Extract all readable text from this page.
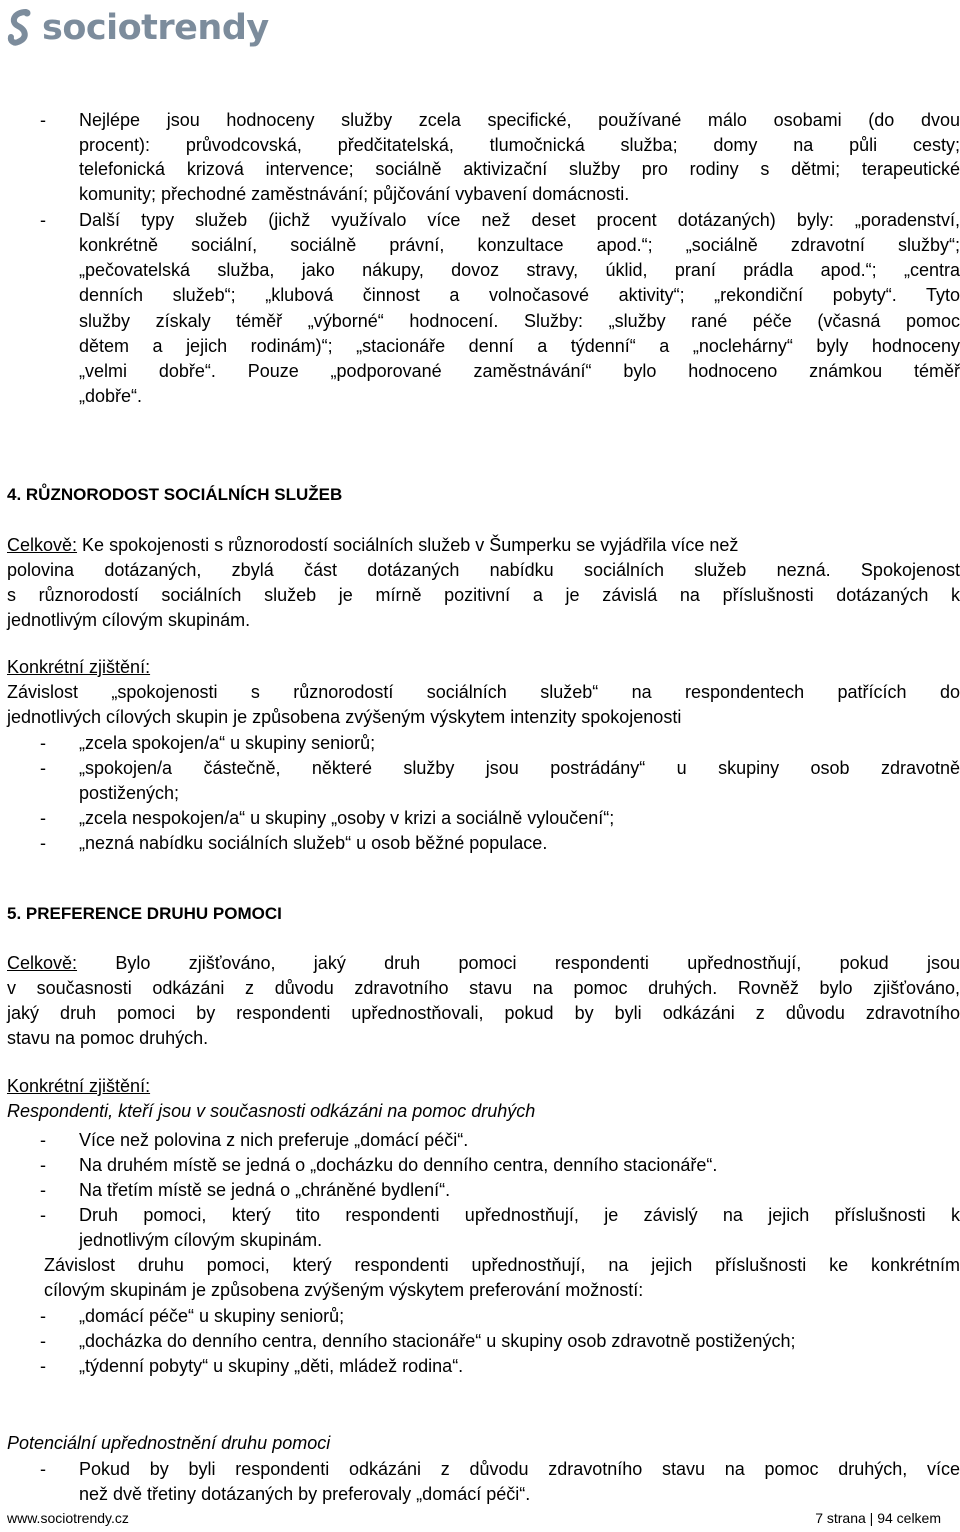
sociotrendy
-	Nejlépe jsou hodnoceny služby zcela specifické, používané málo osobami (do dvou
procent): průvodcovská, předčitatelská, tlumočnická služba; domy na půli cesty;
telefonická krizová intervence; sociálně aktivizační služby pro rodiny s dětmi; terapeutické
komunity; přechodné zaměstnávání; půjčování vybavení domácnosti.
-	Další typy služeb (jichž využívalo více než deset procent dotázaných) byly: „poradenství,
konkrétně sociální, sociálně právní, konzultace apod.“; „sociálně zdravotní služby“;
„pečovatelská služba, jako nákupy, dovoz stravy, úklid, praní prádla apod.“; „centra
denních služeb“; „klubová činnost a volnočasové aktivity“; „rekondiční pobyty“. Tyto
služby získaly téměř „výborné“ hodnocení. Služby: „služby rané péče (včasná pomoc
dětem a jejich rodinám)“; „stacionáře denní a týdenní“ a „noclehárny“ byly hodnoceny
„velmi dobře“. Pouze „podporované zaměstnávání“ bylo hodnoceno známkou téměř
„dobře“.
4. RŮZNORODOST SOCIÁLNÍCH SLUŽEB
Celkově: Ke spokojenosti s různorodostí sociálních služeb v Šumperku se vyjádřila více než
polovina dotázaných, zbylá část dotázaných nabídku sociálních služeb nezná. Spokojenost
s různorodostí sociálních služeb je mírně pozitivní a je závislá na příslušnosti dotázaných k
jednotlivým cílovým skupinám.
Konkrétní zjištění:
Závislost „spokojenosti s různorodostí sociálních služeb“ na respondentech patřících do
jednotlivých cílových skupin je způsobena zvýšeným výskytem intenzity spokojenosti
-	„zcela spokojen/a“ u skupiny seniorů;
-	„spokojen/a částečně, některé služby jsou postrádány“ u skupiny osob zdravotně
postižených;
-	„zcela nespokojen/a“ u skupiny „osoby v krizi a sociálně vyloučení“;
-	„nezná nabídku sociálních služeb“ u osob běžné populace.
5. PREFERENCE DRUHU POMOCI
Celkově: Bylo zjišťováno, jaký druh pomoci respondenti upřednostňují, pokud jsou
v současnosti odkázáni z důvodu zdravotního stavu na pomoc druhých. Rovněž bylo zjišťováno,
jaký druh pomoci by respondenti upřednostňovali, pokud by byli odkázáni z důvodu zdravotního
stavu na pomoc druhých.
Konkrétní zjištění:
Respondenti, kteří jsou v současnosti odkázáni na pomoc druhých
-	Více než polovina z nich preferuje „domácí péči“.
-	Na druhém místě se jedná o „docházku do denního centra, denního stacionáře“.
-	Na třetím místě se jedná o „chráněné bydlení“.
-	Druh pomoci, který tito respondenti upřednostňují, je závislý na jejich příslušnosti k
jednotlivým cílovým skupinám.
Závislost druhu pomoci, který respondenti upřednostňují, na jejich příslušnosti ke konkrétním
cílovým skupinám je způsobena zvýšeným výskytem preferování možností:
-	„domácí péče“ u skupiny seniorů;
-	„docházka do denního centra, denního stacionáře“ u skupiny osob zdravotně postižených;
-	„týdenní pobyty“ u skupiny „děti, mládež rodina“.
Potenciální upřednostnění druhu pomoci
-	Pokud by byli respondenti odkázáni z důvodu zdravotního stavu na pomoc druhých, více
než dvě třetiny dotázaných by preferovaly „domácí péči“.
www.sociotrendy.cz	7 strana | 94 celkem
